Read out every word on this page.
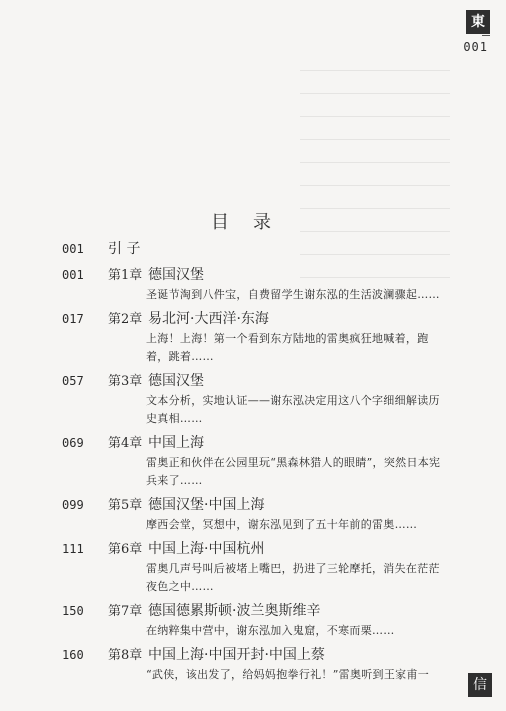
東
001
目录
001	引 子
001	第1章 德国汉堡
圣诞节淘到八件宝，自费留学生谢东泓的生活波澜骤起……
017	第2章 易北河·大西洋·东海
上海！上海！第一个看到东方陆地的雷奥疯狂地喊着，跑着，跳着……
057	第3章 德国汉堡
文本分析，实地认证——谢东泓决定用这八个字细细解读历史真相……
069	第4章 中国上海
雷奥正和伙伴在公园里玩“黑森林猎人的眼睛”，突然日本宪兵来了……
099	第5章 德国汉堡·中国上海
摩西会堂，冥想中，谢东泓见到了五十年前的雷奥……
111	第6章 中国上海·中国杭州
雷奥几声号叫后被堵上嘴巴，扔进了三轮摩托，消失在茫茫夜色之中……
150	第7章 德国德累斯顿·波兰奥斯维辛
在纳粹集中营中，谢东泓加入鬼窟，不寒而栗……
160	第8章 中国上海·中国开封·中国上蔡
“武侠，该出发了，给妈妈抱拳行礼！”雷奥听到王家甫一
信
